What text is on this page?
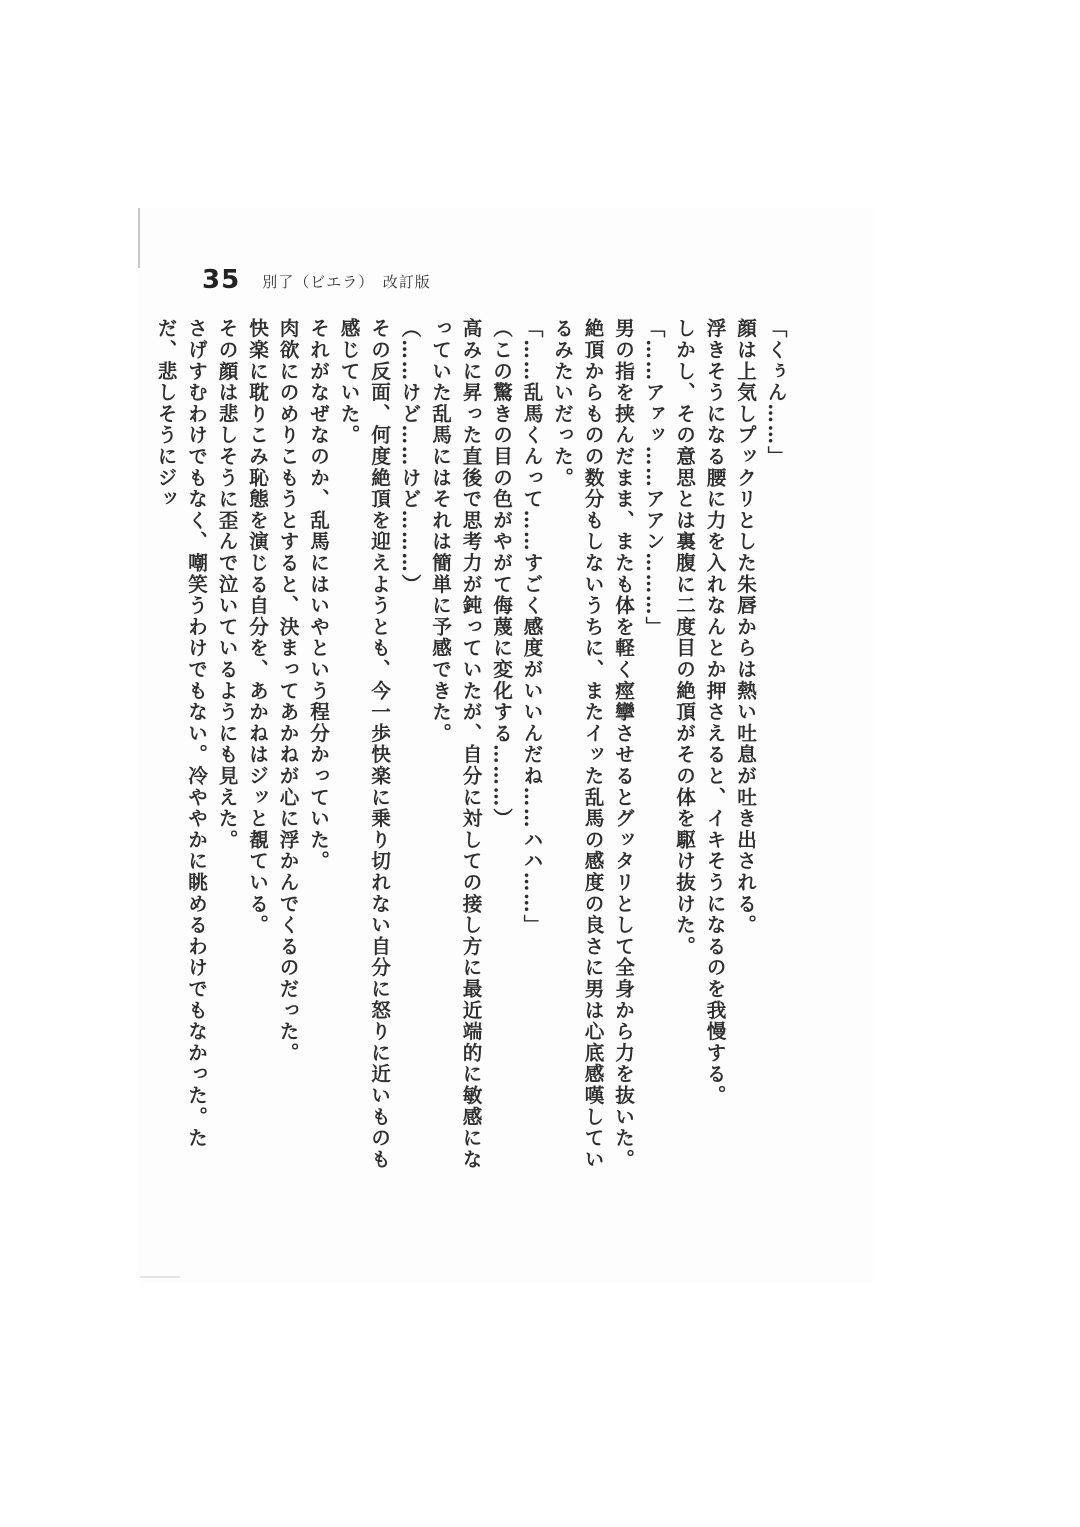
35 別了（ビエラ）　改訂版

「くぅん……」

顔は上気しプックリとした朱唇からは熱い吐息が吐き出される。

浮きそうになる腰に力を入れなんとか押さえると、イキそうになるのを我慢する。

しかし、その意思とは裏腹に二度目の絶頂がその体を駆け抜けた。

「……アァッ……アアン………」

男の指を挟んだまま、またも体を軽く痙攣させるとグッタリとして全身から力を抜いた。

絶頂からものの数分もしないうちに、またイッた乱馬の感度の良さに男は心底感嘆しているみたいだった。

「……乱馬くんって……すごく感度がいいんだね……ハハ……」

（この驚きの目の色がやがて侮蔑に変化する………）

高みに昇った直後で思考力が鈍っていたが、自分に対しての接し方に最近端的に敏感になっていた乱馬にはそれは簡単に予感できた。

（……けど……けど………）

その反面、何度絶頂を迎えようとも、今一歩快楽に乗り切れない自分に怒りに近いものも感じていた。

それがなぜなのか、乱馬にはいやという程分かっていた。

肉欲にのめりこもうとすると、決まってあかねが心に浮かんでくるのだった。

快楽に耽りこみ恥態を演じる自分を、あかねはジッと覩ている。

その顔は悲しそうに歪んで泣いているようにも見えた。

さげすむわけでもなく、嘲笑うわけでもない。冷ややかに眺めるわけでもなかった。ただ、悲しそうにジッ
